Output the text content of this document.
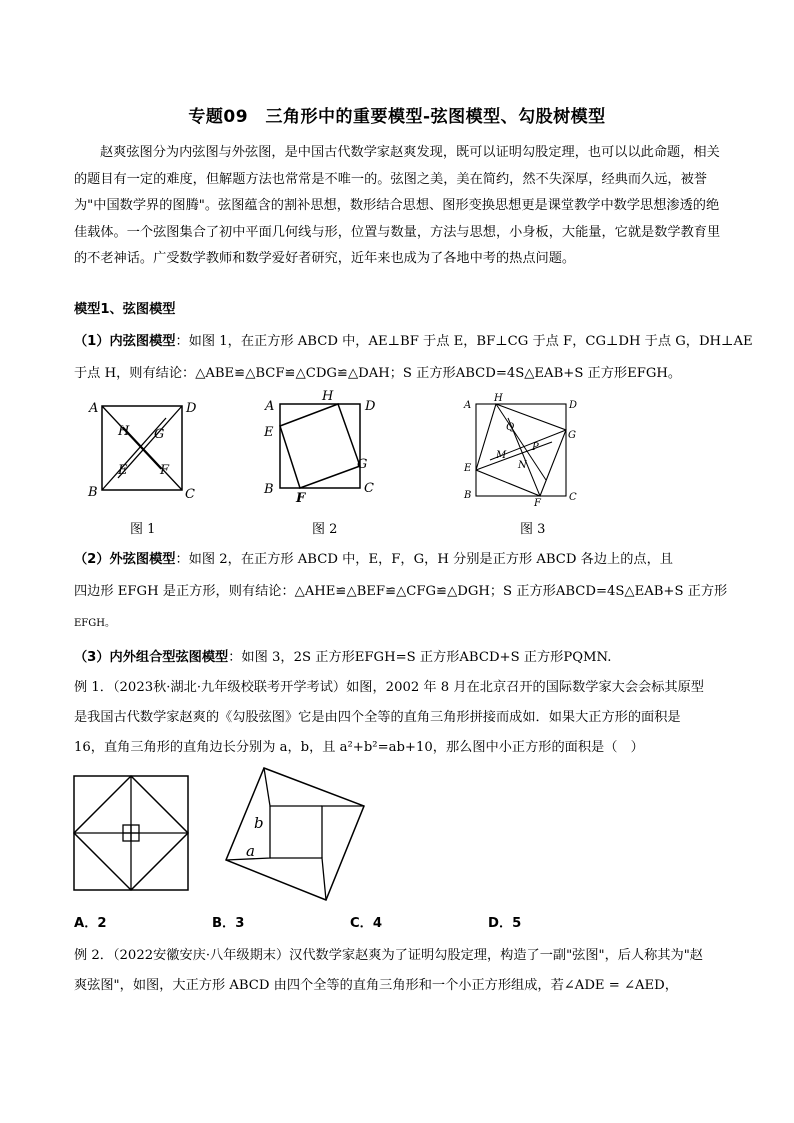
专题09　三角形中的重要模型-弦图模型、勾股树模型

赵爽弦图分为内弦图与外弦图，是中国古代数学家赵爽发现，既可以证明勾股定理，也可以以此命题，相关的题目有一定的难度，但解题方法也常常是不唯一的。弦图之美，美在简约，然不失深厚，经典而久远，被誉为"中国数学界的图腾"。弦图蕴含的割补思想，数形结合思想、图形变换思想更是课堂教学中数学思想渗透的绝佳载体。一个弦图集合了初中平面几何线与形，位置与数量，方法与思想，小身板，大能量，它就是数学教育里的不老神话。广受数学教师和数学爱好者研究，近年来也成为了各地中考的热点问题。

模型1、弦图模型

（1）内弦图模型：如图 1，在正方形 ABCD 中，AE⊥BF 于点 E，BF⊥CG 于点 F，CG⊥DH 于点 G，DH⊥AE

于点 H，则有结论：△ABE≌△BCF≌△CDG≌△DAH；S 正方形ABCD=4S△EAB+S 正方形EFGH。

A	D
H G
E	F
B	C
图 1
A
H
D
E
G
B
F
C
图 2
A
H
D
Q
G
P
M
E	N
B
F
C
图 3

（2）外弦图模型：如图 2，在正方形 ABCD 中，E，F，G，H 分别是正方形 ABCD 各边上的点，且

四边形 EFGH 是正方形，则有结论：△AHE≌△BEF≌△CFG≌△DGH；S 正方形ABCD=4S△EAB+S 正方形

EFGH。

（3）内外组合型弦图模型：如图 3，2S 正方形EFGH=S 正方形ABCD+S 正方形PQMN.

例 1．（2023秋·湖北·九年级校联考开学考试）如图，2002 年 8 月在北京召开的国际数学家大会会标其原型

是我国古代数学家赵爽的《勾股弦图》它是由四个全等的直角三角形拼接而成如．如果大正方形的面积是

16，直角三角形的直角边长分别为 a，b，且 a²+b²=ab+10，那么图中小正方形的面积是（　）

b
a
A．2	B．3	C．4	D．5

例 2．（2022安徽安庆·八年级期末）汉代数学家赵爽为了证明勾股定理，构造了一副"弦图"，后人称其为"赵

爽弦图"，如图，大正方形 ABCD 由四个全等的直角三角形和一个小正方形组成，若∠ADE = ∠AED，
